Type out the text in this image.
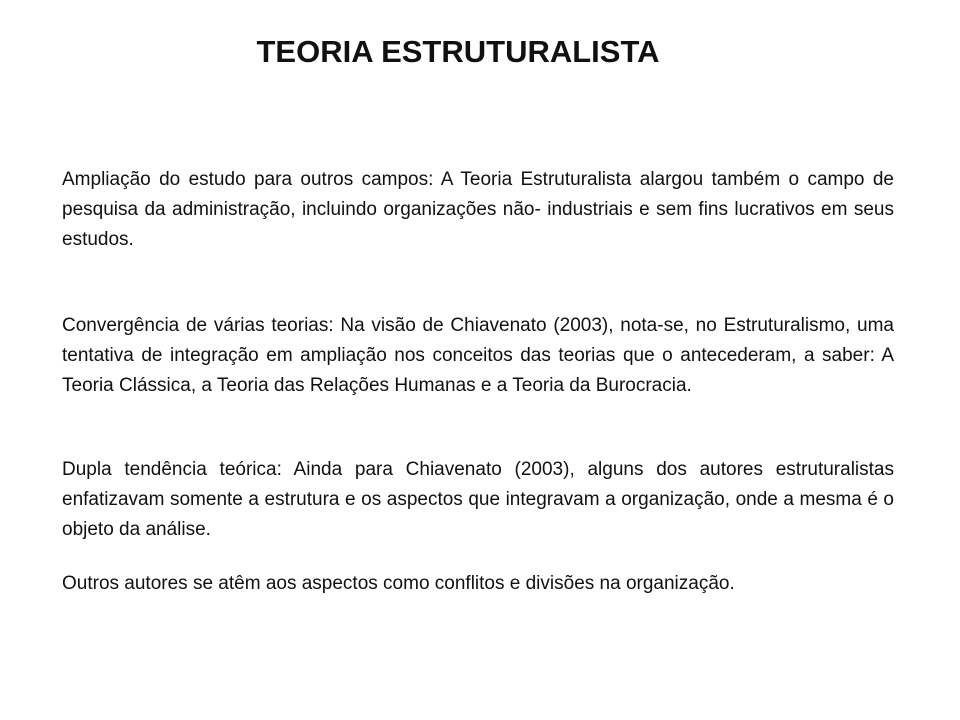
TEORIA ESTRUTURALISTA

Ampliação do estudo para outros campos: A Teoria Estruturalista alargou também o campo de pesquisa da administração, incluindo organizações não- industriais e sem fins lucrativos em seus estudos.

Convergência de várias teorias: Na visão de Chiavenato (2003), nota-se, no Estruturalismo, uma tentativa de integração em ampliação nos conceitos das teorias que o antecederam, a saber: A Teoria Clássica, a Teoria das Relações Humanas e a Teoria da Burocracia.

Dupla tendência teórica: Ainda para Chiavenato (2003), alguns dos autores estruturalistas enfatizavam somente a estrutura e os aspectos que integravam a organização, onde a mesma é o objeto da análise.

Outros autores se atêm aos aspectos como conflitos e divisões na organização.
